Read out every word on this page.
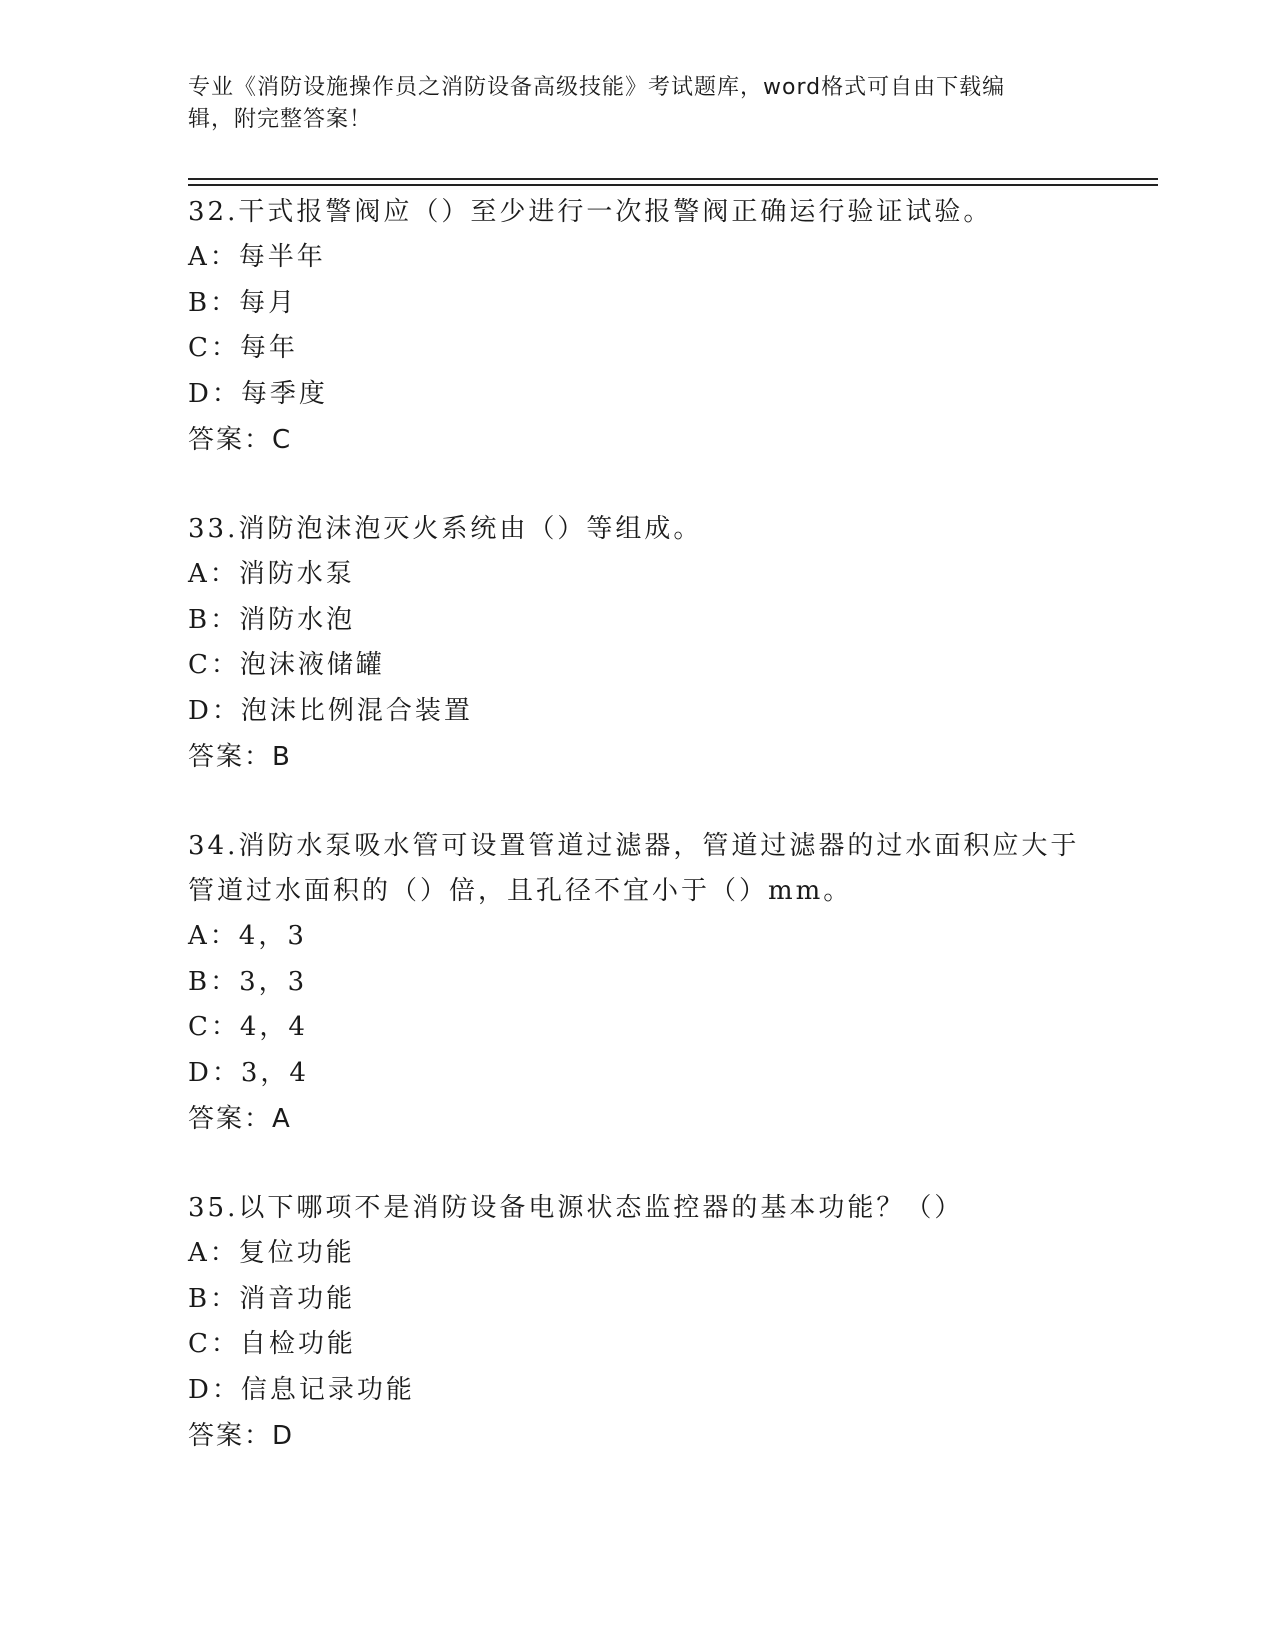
专业《消防设施操作员之消防设备高级技能》考试题库，word格式可自由下载编
辑，附完整答案！
32.干式报警阀应（）至少进行一次报警阀正确运行验证试验。
A：每半年
B：每月
C：每年
D：每季度
答案：C
33.消防泡沫泡灭火系统由（）等组成。
A：消防水泵
B：消防水泡
C：泡沫液储罐
D：泡沫比例混合装置
答案：B
34.消防水泵吸水管可设置管道过滤器，管道过滤器的过水面积应大于
管道过水面积的（）倍，且孔径不宜小于（）mm。
A：4，3
B：3，3
C：4，4
D：3，4
答案：A
35.以下哪项不是消防设备电源状态监控器的基本功能？（）
A：复位功能
B：消音功能
C：自检功能
D：信息记录功能
答案：D
